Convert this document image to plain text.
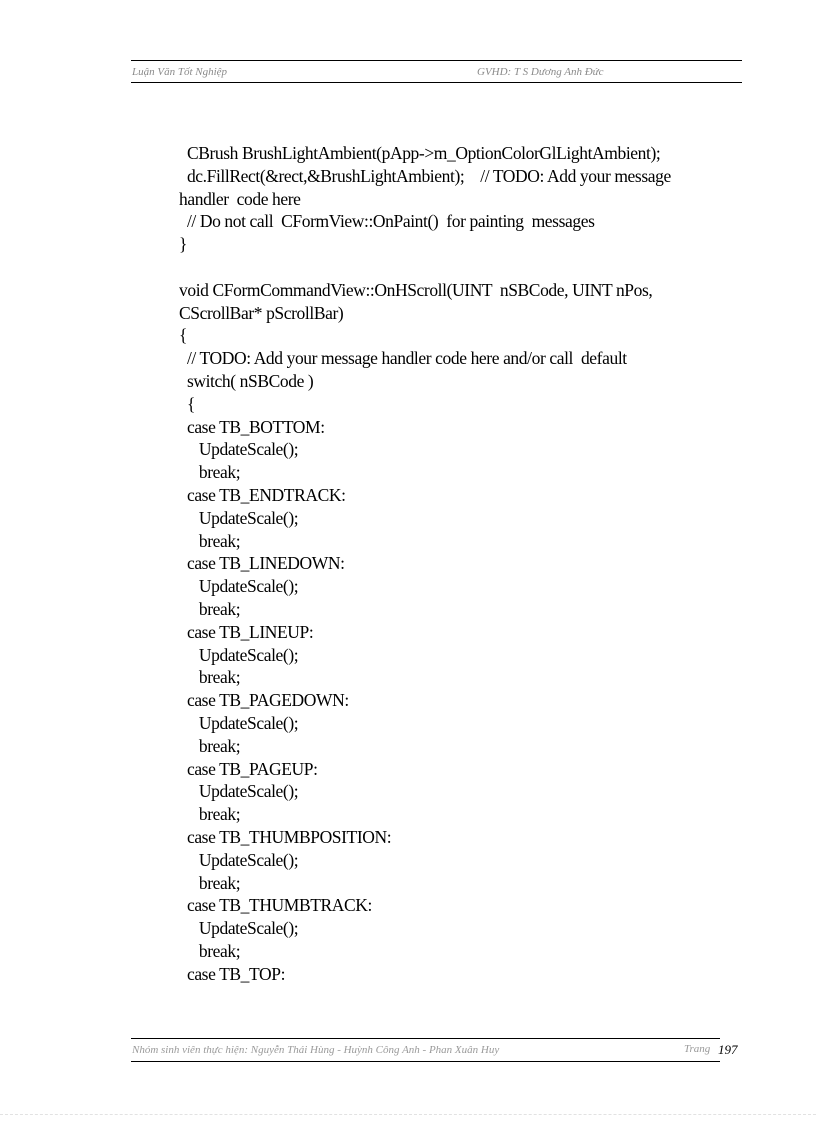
Luận Văn Tốt Nghiệp	GVHD: T S Dương Anh Đức
CBrush BrushLightAmbient(pApp->m_OptionColorGlLightAmbient);
dc.FillRect(&rect,&BrushLightAmbient);    // TODO: Add your message
handler  code here
// Do not call  CFormView::OnPaint()  for painting  messages
}
void CFormCommandView::OnHScroll(UINT  nSBCode, UINT nPos,
CScrollBar* pScrollBar)
{
// TODO: Add your message handler code here and/or call  default
switch( nSBCode )
{
case TB_BOTTOM:
UpdateScale();
break;
case TB_ENDTRACK:
UpdateScale();
break;
case TB_LINEDOWN:
UpdateScale();
break;
case TB_LINEUP:
UpdateScale();
break;
case TB_PAGEDOWN:
UpdateScale();
break;
case TB_PAGEUP:
UpdateScale();
break;
case TB_THUMBPOSITION:
UpdateScale();
break;
case TB_THUMBTRACK:
UpdateScale();
break;
case TB_TOP:
Nhóm sinh viên thực hiện: Nguyễn Thái Hùng - Huỳnh Công Anh - Phan Xuân Huy	Trang 197
